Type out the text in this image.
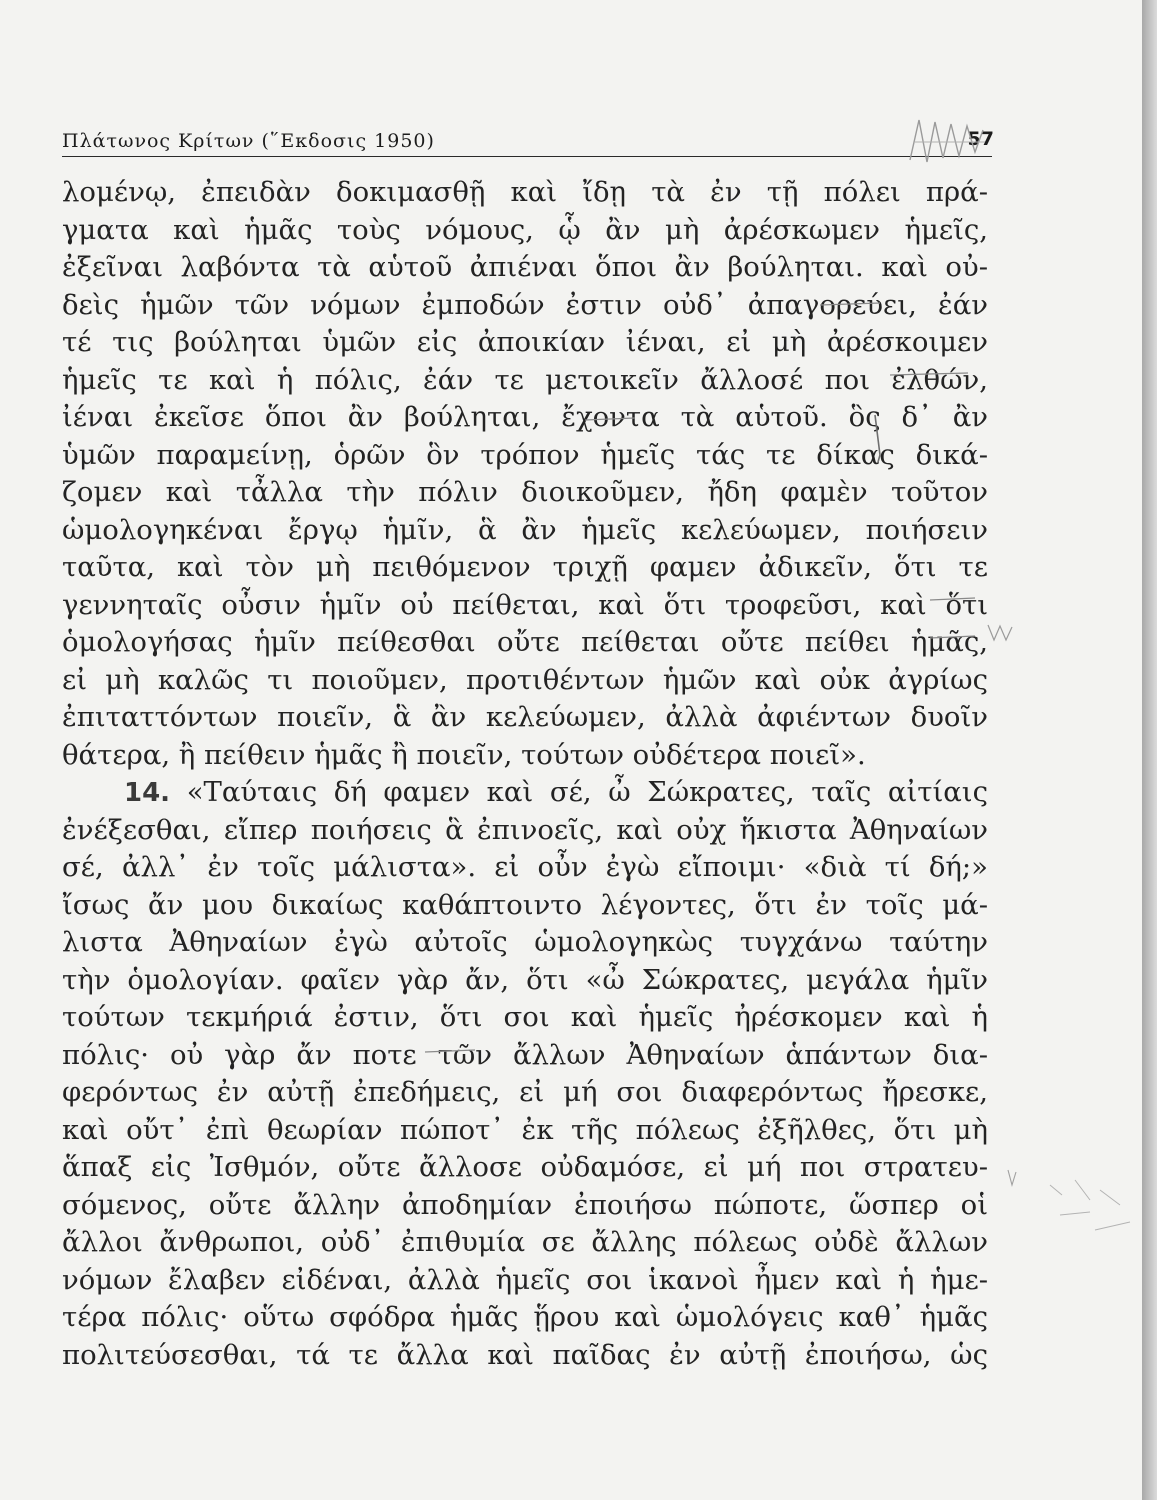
Πλάτωνος Κρίτων (῞Εκδοσις 1950)	57
λομένῳ, ἐπειδὰν δοκιμασθῇ καὶ ἴδῃ τὰ ἐν τῇ πόλει πρά-
γματα καὶ ἡμᾶς τοὺς νόμους, ᾧ ἂν μὴ ἀρέσκωμεν ἡμεῖς,
ἐξεῖναι λαβόντα τὰ αὑτοῦ ἀπιέναι ὅποι ἂν βούληται. καὶ οὐ-
δεὶς ἡμῶν τῶν νόμων ἐμποδών ἐστιν οὐδ᾽ ἀπαγορεύει, ἐάν
τέ τις βούληται ὑμῶν εἰς ἀποικίαν ἰέναι, εἰ μὴ ἀρέσκοιμεν
ἡμεῖς τε καὶ ἡ πόλις, ἐάν τε μετοικεῖν ἄλλοσέ ποι ἐλθών,
ἰέναι ἐκεῖσε ὅποι ἂν βούληται, ἔχοντα τὰ αὑτοῦ. ὃς δ᾽ ἂν
ὑμῶν παραμείνῃ, ὁρῶν ὃν τρόπον ἡμεῖς τάς τε δίκας δικά-
ζομεν καὶ τἆλλα τὴν πόλιν διοικοῦμεν, ἤδη φαμὲν τοῦτον
ὡμολογηκέναι ἔργῳ ἡμῖν, ἃ ἂν ἡμεῖς κελεύωμεν, ποιήσειν
ταῦτα, καὶ τὸν μὴ πειθόμενον τριχῇ φαμεν ἀδικεῖν, ὅτι τε
γεννηταῖς οὖσιν ἡμῖν οὐ πείθεται, καὶ ὅτι τροφεῦσι, καὶ ὅτι
ὁμολογήσας ἡμῖν πείθεσθαι οὔτε πείθεται οὔτε πείθει ἡμᾶς,
εἰ μὴ καλῶς τι ποιοῦμεν, προτιθέντων ἡμῶν καὶ οὐκ ἀγρίως
ἐπιταττόντων ποιεῖν, ἃ ἂν κελεύωμεν, ἀλλὰ ἀφιέντων δυοῖν
θάτερα, ἢ πείθειν ἡμᾶς ἢ ποιεῖν, τούτων οὐδέτερα ποιεῖ».
14. «Ταύταις δή φαμεν καὶ σέ, ὦ Σώκρατες, ταῖς αἰτίαις
ἐνέξεσθαι, εἴπερ ποιήσεις ἃ ἐπινοεῖς, καὶ οὐχ ἥκιστα Ἀθηναίων
σέ, ἀλλ᾽ ἐν τοῖς μάλιστα». εἰ οὖν ἐγὼ εἴποιμι· «διὰ τί δή;»
ἴσως ἄν μου δικαίως καθάπτοιντο λέγοντες, ὅτι ἐν τοῖς μά-
λιστα Ἀθηναίων ἐγὼ αὐτοῖς ὡμολογηκὼς τυγχάνω ταύτην
τὴν ὁμολογίαν. φαῖεν γὰρ ἄν, ὅτι «ὦ Σώκρατες, μεγάλα ἡμῖν
τούτων τεκμήριά ἐστιν, ὅτι σοι καὶ ἡμεῖς ἠρέσκομεν καὶ ἡ
πόλις· οὐ γὰρ ἄν ποτε τῶν ἄλλων Ἀθηναίων ἁπάντων δια-
φερόντως ἐν αὐτῇ ἐπεδήμεις, εἰ μή σοι διαφερόντως ἤρεσκε,
καὶ οὔτ᾽ ἐπὶ θεωρίαν πώποτ᾽ ἐκ τῆς πόλεως ἐξῆλθες, ὅτι μὴ
ἅπαξ εἰς Ἰσθμόν, οὔτε ἄλλοσε οὐδαμόσε, εἰ μή ποι στρατευ-
σόμενος, οὔτε ἄλλην ἀποδημίαν ἐποιήσω πώποτε, ὥσπερ οἱ
ἄλλοι ἄνθρωποι, οὐδ᾽ ἐπιθυμία σε ἄλλης πόλεως οὐδὲ ἄλλων
νόμων ἔλαβεν εἰδέναι, ἀλλὰ ἡμεῖς σοι ἱκανοὶ ἦμεν καὶ ἡ ἡμε-
τέρα πόλις· οὕτω σφόδρα ἡμᾶς ᾕρου καὶ ὡμολόγεις καθ᾽ ἡμᾶς
πολιτεύσεσθαι, τά τε ἄλλα καὶ παῖδας ἐν αὐτῇ ἐποιήσω, ὡς
